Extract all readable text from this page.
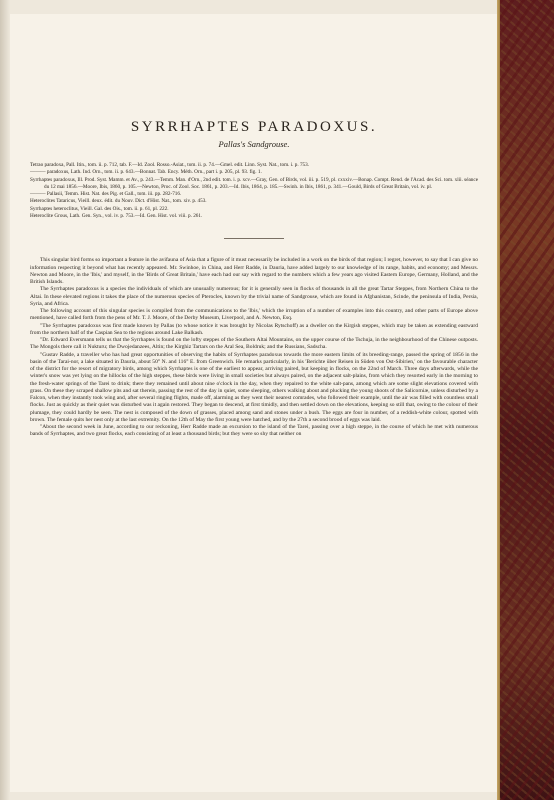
SYRRHAPTES PARADOXUS.
Pallas's Sandgrouse.

Tetrao paradoxa, Pall. Itin., tom. ii. p. 712, tab. F.—Id. Zool. Rosso.-Asiat., tom. ii. p. 74.—Gmel. edit. Linn. Syst. Nat., tom. i. p. 753.

——— paradoxus, Lath. Ind. Orn., tom. ii. p. 643.—Bonnat. Tab. Ency. Méth. Orn., part i. p. 205, pl. 93. fig. 1.

Syrrhaptes paradoxus, Ill. Prod. Syst. Mamm. et Av., p. 243.—Temm. Man. d'Orn., 2nd edit. tom. i. p. xcv.—Gray, Gen. of Birds, vol. iii. p. 519, pl. cxxxiv.—Bonap. Compt. Rend. de l'Acad. des Sci. tom. xlii. séance du 12 mai 1856.—Moore, Ibis, 1860, p. 105.—Newton, Proc. of Zool. Soc. 1861, p. 203.—Id. Ibis, 1864, p. 185.—Swinh. in Ibis, 1861, p. 341.—Gould, Birds of Great Britain, vol. iv. pl.

——— Pallasii, Temm. Hist. Nat. des Pig. et Gall., tom. iii. pp. 282-716.

Heteroclites Tataricus, Vieill. deux. édit. du Nouv. Dict. d'Hist. Nat., tom. xiv. p. 453.

Syrrhaptes heteroclitus, Vieill. Gal. des Ois., tom. ii. p. 61, pl. 222.

Heteroclite Grous, Lath. Gen. Syn., vol. iv. p. 753.—Id. Gen. Hist. vol. viii. p. 261.

This singular bird forms so important a feature in the avifauna of Asia that a figure of it must necessarily be included in a work on the birds of that region; I regret, however, to say that I can give no information respecting it beyond what has recently appeared. Mr. Swinhoe, in China, and Herr Radde, in Dauria, have added largely to our knowledge of its range, habits, and economy; and Messrs. Newton and Moore, in the 'Ibis,' and myself, in the 'Birds of Great Britain,' have each had our say with regard to the numbers which a few years ago visited Eastern Europe, Germany, Holland, and the British Islands.

The Syrrhaptes paradoxus is a species the individuals of which are unusually numerous; for it is generally seen in flocks of thousands in all the great Tartar Steppes, from Northern China to the Altai. In these elevated regions it takes the place of the numerous species of Pterocles, known by the trivial name of Sandgrouse, which are found in Afghanistan, Scinde, the peninsula of India, Persia, Syria, and Africa.

The following account of this singular species is compiled from the communications to the 'Ibis,' which the irruption of a number of examples into this country, and other parts of Europe above mentioned, have called forth from the pens of Mr. T. J. Moore, of the Derby Museum, Liverpool, and A. Newton, Esq.

"The Syrrhaptes paradoxus was first made known by Pallas (to whose notice it was brought by Nicolas Rytschoff) as a dweller on the Kirgish steppes, which may be taken as extending eastward from the northern half of the Caspian Sea to the regions around Lake Balkash.

"Dr. Edward Eversmann tells us that the Syrrhaptes is found on the lofty steppes of the Southern Altai Mountains, on the upper course of the Tschuja, in the neighbourhood of the Chinese outposts. The Mongols there call it Nukturu; the Dwojedanzees, Altin; the Kirghiz Tartars on the Aral Sea, Boldruk; and the Russians, Sadscha.

"Gustav Radde, a traveller who has had great opportunities of observing the habits of Syrrhaptes paradoxus towards the more eastern limits of its breeding-range, passed the spring of 1856 in the basin of the Tarai-nor, a lake situated in Dauria, about 50° N. and 116° E. from Greenwich. He remarks particularly, in his 'Berichte über Reisen in Süden von Ost-Sibirien,' on the favourable character of the district for the resort of migratory birds, among which Syrrhaptes is one of the earliest to appear, arriving paired, but keeping in flocks, on the 22nd of March. Three days afterwards, while the winter's snow was yet lying on the hillocks of the high steppes, these birds were living in small societies but always paired, on the adjacent salt-plains, from which they resorted early in the morning to the fresh-water springs of the Tarei to drink; there they remained until about nine o'clock in the day, when they repaired to the white salt-pans, among which are some slight elevations covered with grass. On these they scraped shallow pits and sat therein, passing the rest of the day in quiet, some sleeping, others walking about and plucking the young shoots of the Salicorniæ, unless disturbed by a Falcon, when they instantly took wing and, after several ringing flights, made off, alarming as they went their nearest comrades, who followed their example, until the air was filled with countless small flocks. Just as quickly as their quiet was disturbed was it again restored. They began to descend, at first timidly, and then settled down on the elevations, keeping so still that, owing to the colour of their plumage, they could hardly be seen. The nest is composed of the down of grasses, placed among sand and stones under a bush. The eggs are four in number, of a reddish-white colour, spotted with brown. The female quits her nest only at the last extremity. On the 12th of May the first young were hatched, and by the 27th a second brood of eggs was laid.

"About the second week in June, according to our reckoning, Herr Radde made an excursion to the island of the Tarei, passing over a high steppe, in the course of which he met with numerous bands of Syrrhaptes, and two great flocks, each consisting of at least a thousand birds; but they were so shy that neither on
